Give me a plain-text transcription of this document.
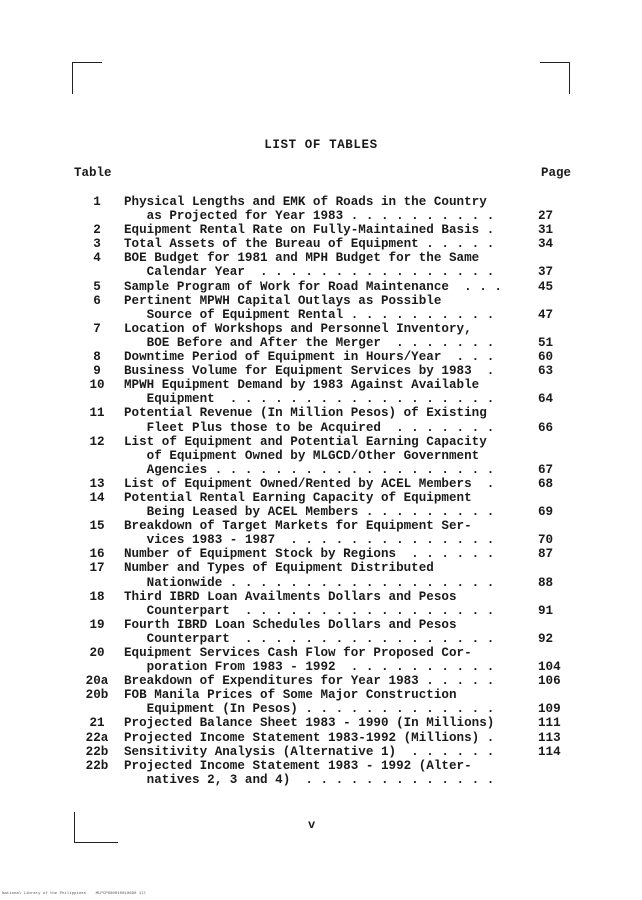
LIST OF TABLES
Table	Page
1	Physical Lengths and EMK of Roads in the Country
as Projected for Year 1983 . . . . . . . . . .	27
2	Equipment Rental Rate on Fully-Maintained Basis .	31
3	Total Assets of the Bureau of Equipment . . . . .	34
4	BOE Budget for 1981 and MPH Budget for the Same
Calendar Year  . . . . . . . . . . . . . . . .	37
5	Sample Program of Work for Road Maintenance  . . .	45
6	Pertinent MPWH Capital Outlays as Possible
Source of Equipment Rental . . . . . . . . . .	47
7	Location of Workshops and Personnel Inventory,
BOE Before and After the Merger  . . . . . . .	51
8	Downtime Period of Equipment in Hours/Year  . . .	60
9	Business Volume for Equipment Services by 1983  .	63
10	MPWH Equipment Demand by 1983 Against Available
Equipment  . . . . . . . . . . . . . . . . . .	64
11	Potential Revenue (In Million Pesos) of Existing
Fleet Plus those to be Acquired  . . . . . . .	66
12	List of Equipment and Potential Earning Capacity
of Equipment Owned by MLGCD/Other Government
Agencies . . . . . . . . . . . . . . . . . . .	67
13	List of Equipment Owned/Rented by ACEL Members  .	68
14	Potential Rental Earning Capacity of Equipment
Being Leased by ACEL Members . . . . . . . . .	69
15	Breakdown of Target Markets for Equipment Ser-
vices 1983 - 1987  . . . . . . . . . . . . . .	70
16	Number of Equipment Stock by Regions  . . . . . .	87
17	Number and Types of Equipment Distributed
Nationwide . . . . . . . . . . . . . . . . . .	88
18	Third IBRD Loan Availments Dollars and Pesos
Counterpart  . . . . . . . . . . . . . . . . .	91
19	Fourth IBRD Loan Schedules Dollars and Pesos
Counterpart  . . . . . . . . . . . . . . . . .	92
20	Equipment Services Cash Flow for Proposed Cor-
poration From 1983 - 1992  . . . . . . . . . .	104
20a	Breakdown of Expenditures for Year 1983 . . . . .	106
20b	FOB Manila Prices of Some Major Construction
Equipment (In Pesos) . . . . . . . . . . . . .	109
21	Projected Balance Sheet 1983 - 1990 (In Millions)	111
22a	Projected Income Statement 1983-1992 (Millions) .	113
22b	Sensitivity Analysis (Alternative 1)  . . . . . .	114
22b	Projected Income Statement 1983 - 1992 (Alter-
natives 2, 3 and 4)  . . . . . . . . . . . . .
v
National Library of the Philippines    MLPCP000010010690 1ll
